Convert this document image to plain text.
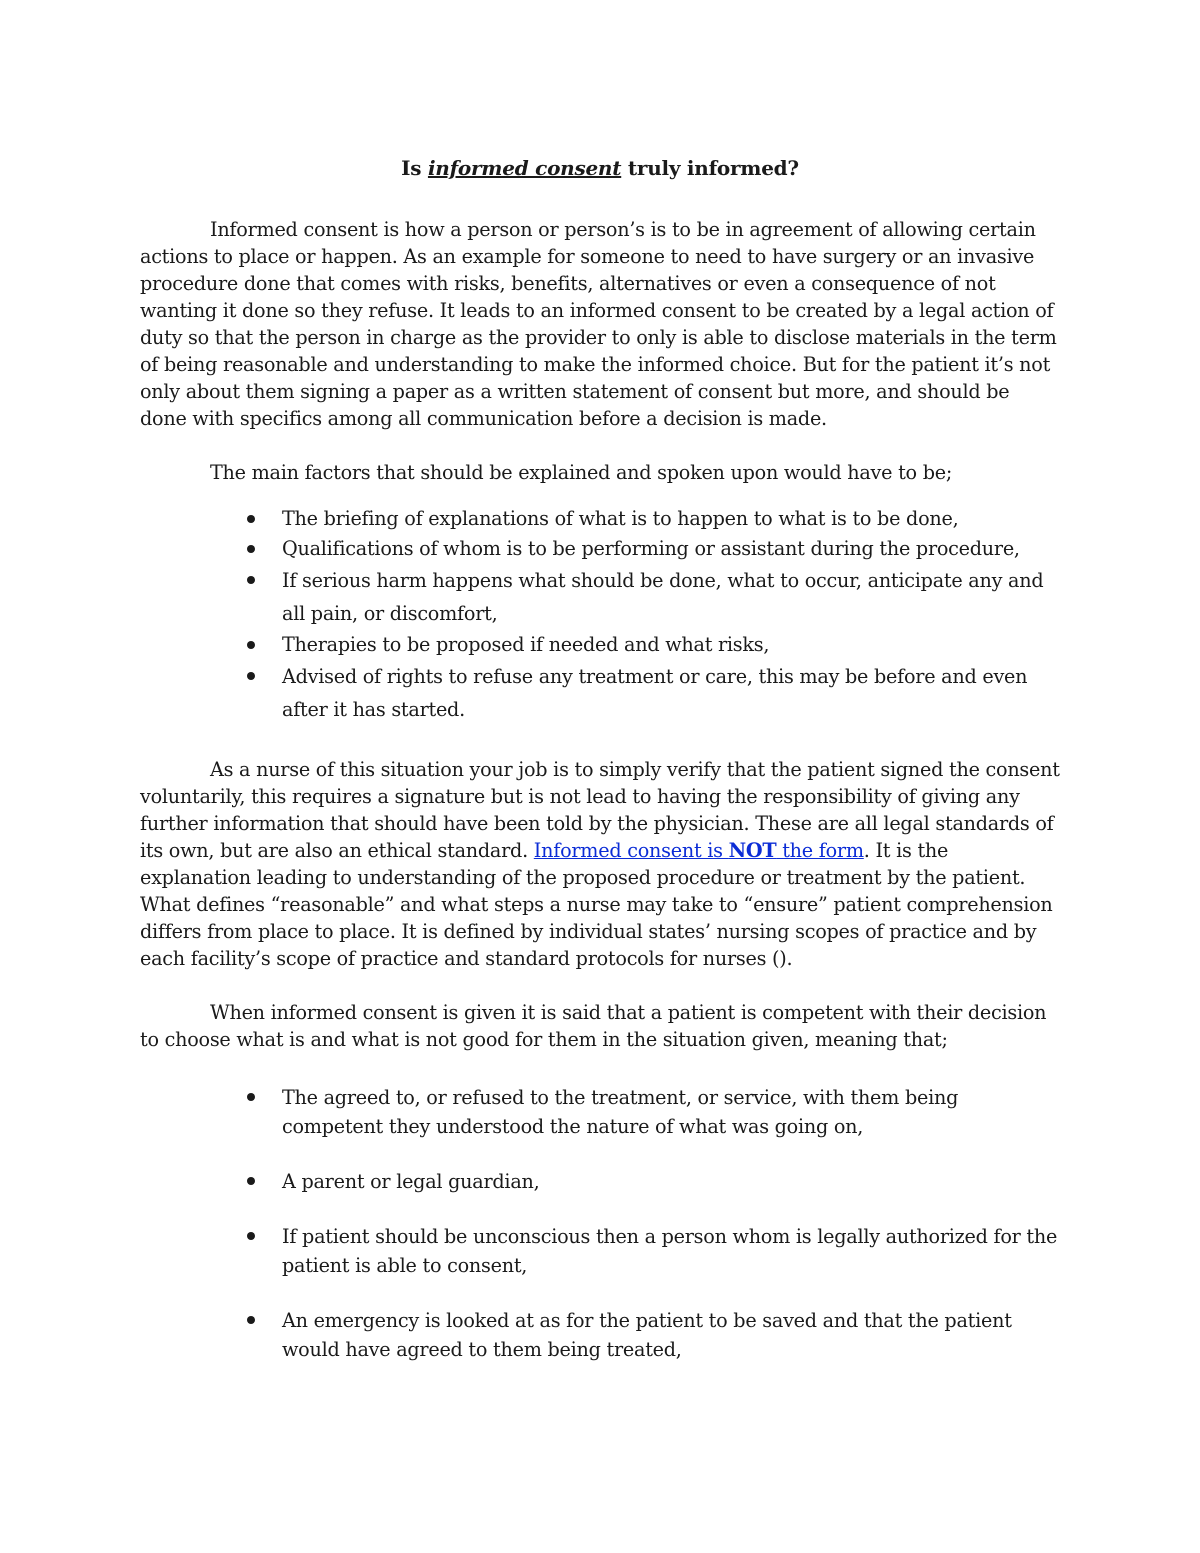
Is informed consent truly informed?

Informed consent is how a person or person’s is to be in agreement of allowing certain actions to place or happen. As an example for someone to need to have surgery or an invasive procedure done that comes with risks, benefits, alternatives or even a consequence of not wanting it done so they refuse. It leads to an informed consent to be created by a legal action of duty so that the person in charge as the provider to only is able to disclose materials in the term of being reasonable and understanding to make the informed choice. But for the patient it’s not only about them signing a paper as a written statement of consent but more, and should be done with specifics among all communication before a decision is made.

The main factors that should be explained and spoken upon would have to be;

The briefing of explanations of what is to happen to what is to be done,
Qualifications of whom is to be performing or assistant during the procedure,
If serious harm happens what should be done, what to occur, anticipate any and all pain, or discomfort,
Therapies to be proposed if needed and what risks,
Advised of rights to refuse any treatment or care, this may be before and even after it has started.

As a nurse of this situation your job is to simply verify that the patient signed the consent voluntarily, this requires a signature but is not lead to having the responsibility of giving any further information that should have been told by the physician. These are all legal standards of its own, but are also an ethical standard. Informed consent is NOT the form. It is the explanation leading to understanding of the proposed procedure or treatment by the patient. What defines “reasonable” and what steps a nurse may take to “ensure” patient comprehension differs from place to place. It is defined by individual states’ nursing scopes of practice and by each facility’s scope of practice and standard protocols for nurses ().

When informed consent is given it is said that a patient is competent with their decision to choose what is and what is not good for them in the situation given, meaning that;

The agreed to, or refused to the treatment, or service, with them being competent they understood the nature of what was going on,
A parent or legal guardian,
If patient should be unconscious then a person whom is legally authorized for the patient is able to consent,
An emergency is looked at as for the patient to be saved and that the patient would have agreed to them being treated,
